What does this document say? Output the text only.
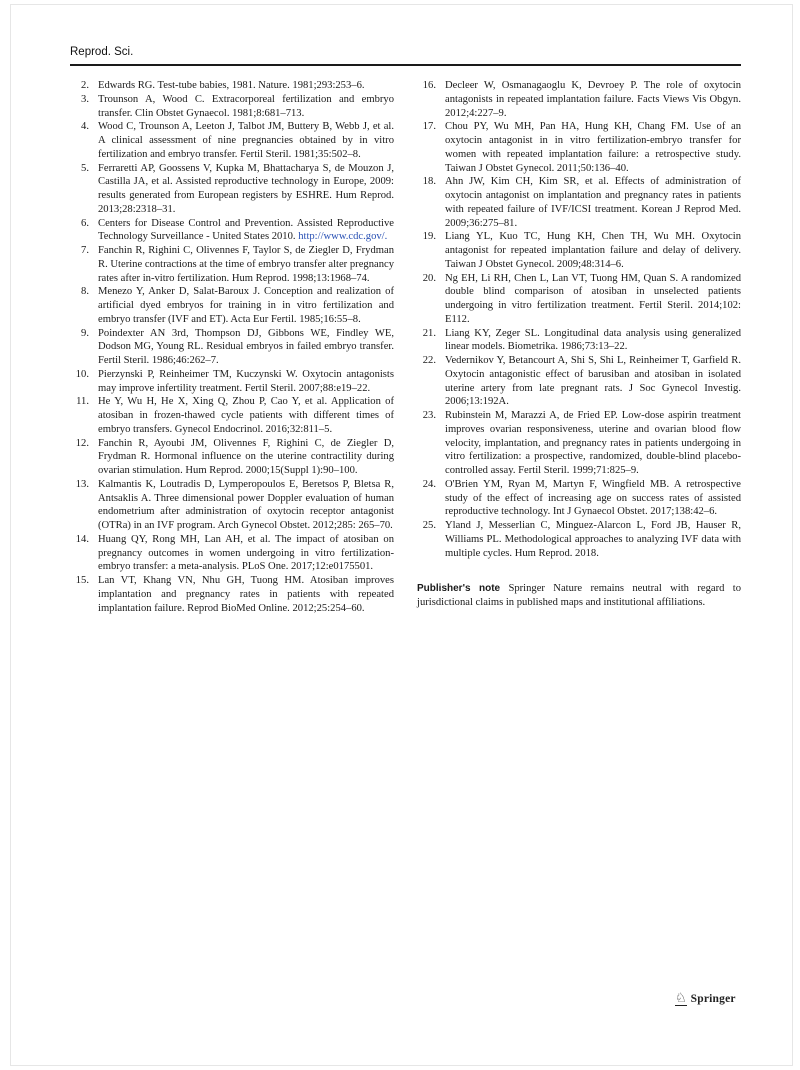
Reprod. Sci.
2. Edwards RG. Test-tube babies, 1981. Nature. 1981;293:253–6.
3. Trounson A, Wood C. Extracorporeal fertilization and embryo transfer. Clin Obstet Gynaecol. 1981;8:681–713.
4. Wood C, Trounson A, Leeton J, Talbot JM, Buttery B, Webb J, et al. A clinical assessment of nine pregnancies obtained by in vitro fertilization and embryo transfer. Fertil Steril. 1981;35:502–8.
5. Ferraretti AP, Goossens V, Kupka M, Bhattacharya S, de Mouzon J, Castilla JA, et al. Assisted reproductive technology in Europe, 2009: results generated from European registers by ESHRE. Hum Reprod. 2013;28:2318–31.
6. Centers for Disease Control and Prevention. Assisted Reproductive Technology Surveillance - United States 2010. http://www.cdc.gov/.
7. Fanchin R, Righini C, Olivennes F, Taylor S, de Ziegler D, Frydman R. Uterine contractions at the time of embryo transfer alter pregnancy rates after in-vitro fertilization. Hum Reprod. 1998;13:1968–74.
8. Menezo Y, Anker D, Salat-Baroux J. Conception and realization of artificial dyed embryos for training in in vitro fertilization and embryo transfer (IVF and ET). Acta Eur Fertil. 1985;16:55–8.
9. Poindexter AN 3rd, Thompson DJ, Gibbons WE, Findley WE, Dodson MG, Young RL. Residual embryos in failed embryo transfer. Fertil Steril. 1986;46:262–7.
10. Pierzynski P, Reinheimer TM, Kuczynski W. Oxytocin antagonists may improve infertility treatment. Fertil Steril. 2007;88:e19–22.
11. He Y, Wu H, He X, Xing Q, Zhou P, Cao Y, et al. Application of atosiban in frozen-thawed cycle patients with different times of embryo transfers. Gynecol Endocrinol. 2016;32:811–5.
12. Fanchin R, Ayoubi JM, Olivennes F, Righini C, de Ziegler D, Frydman R. Hormonal influence on the uterine contractility during ovarian stimulation. Hum Reprod. 2000;15(Suppl 1):90–100.
13. Kalmantis K, Loutradis D, Lymperopoulos E, Beretsos P, Bletsa R, Antsaklis A. Three dimensional power Doppler evaluation of human endometrium after administration of oxytocin receptor antagonist (OTRa) in an IVF program. Arch Gynecol Obstet. 2012;285: 265–70.
14. Huang QY, Rong MH, Lan AH, et al. The impact of atosiban on pregnancy outcomes in women undergoing in vitro fertilization-embryo transfer: a meta-analysis. PLoS One. 2017;12:e0175501.
15. Lan VT, Khang VN, Nhu GH, Tuong HM. Atosiban improves implantation and pregnancy rates in patients with repeated implantation failure. Reprod BioMed Online. 2012;25:254–60.
16. Decleer W, Osmanagaoglu K, Devroey P. The role of oxytocin antagonists in repeated implantation failure. Facts Views Vis Obgyn. 2012;4:227–9.
17. Chou PY, Wu MH, Pan HA, Hung KH, Chang FM. Use of an oxytocin antagonist in in vitro fertilization-embryo transfer for women with repeated implantation failure: a retrospective study. Taiwan J Obstet Gynecol. 2011;50:136–40.
18. Ahn JW, Kim CH, Kim SR, et al. Effects of administration of oxytocin antagonist on implantation and pregnancy rates in patients with repeated failure of IVF/ICSI treatment. Korean J Reprod Med. 2009;36:275–81.
19. Liang YL, Kuo TC, Hung KH, Chen TH, Wu MH. Oxytocin antagonist for repeated implantation failure and delay of delivery. Taiwan J Obstet Gynecol. 2009;48:314–6.
20. Ng EH, Li RH, Chen L, Lan VT, Tuong HM, Quan S. A randomized double blind comparison of atosiban in unselected patients undergoing in vitro fertilization treatment. Fertil Steril. 2014;102: E112.
21. Liang KY, Zeger SL. Longitudinal data analysis using generalized linear models. Biometrika. 1986;73:13–22.
22. Vedernikov Y, Betancourt A, Shi S, Shi L, Reinheimer T, Garfield R. Oxytocin antagonistic effect of barusiban and atosiban in isolated uterine artery from late pregnant rats. J Soc Gynecol Investig. 2006;13:192A.
23. Rubinstein M, Marazzi A, de Fried EP. Low-dose aspirin treatment improves ovarian responsiveness, uterine and ovarian blood flow velocity, implantation, and pregnancy rates in patients undergoing in vitro fertilization: a prospective, randomized, double-blind placebo-controlled assay. Fertil Steril. 1999;71:825–9.
24. O'Brien YM, Ryan M, Martyn F, Wingfield MB. A retrospective study of the effect of increasing age on success rates of assisted reproductive technology. Int J Gynaecol Obstet. 2017;138:42–6.
25. Yland J, Messerlian C, Minguez-Alarcon L, Ford JB, Hauser R, Williams PL. Methodological approaches to analyzing IVF data with multiple cycles. Hum Reprod. 2018.
Publisher's note Springer Nature remains neutral with regard to jurisdictional claims in published maps and institutional affiliations.
♘ Springer
